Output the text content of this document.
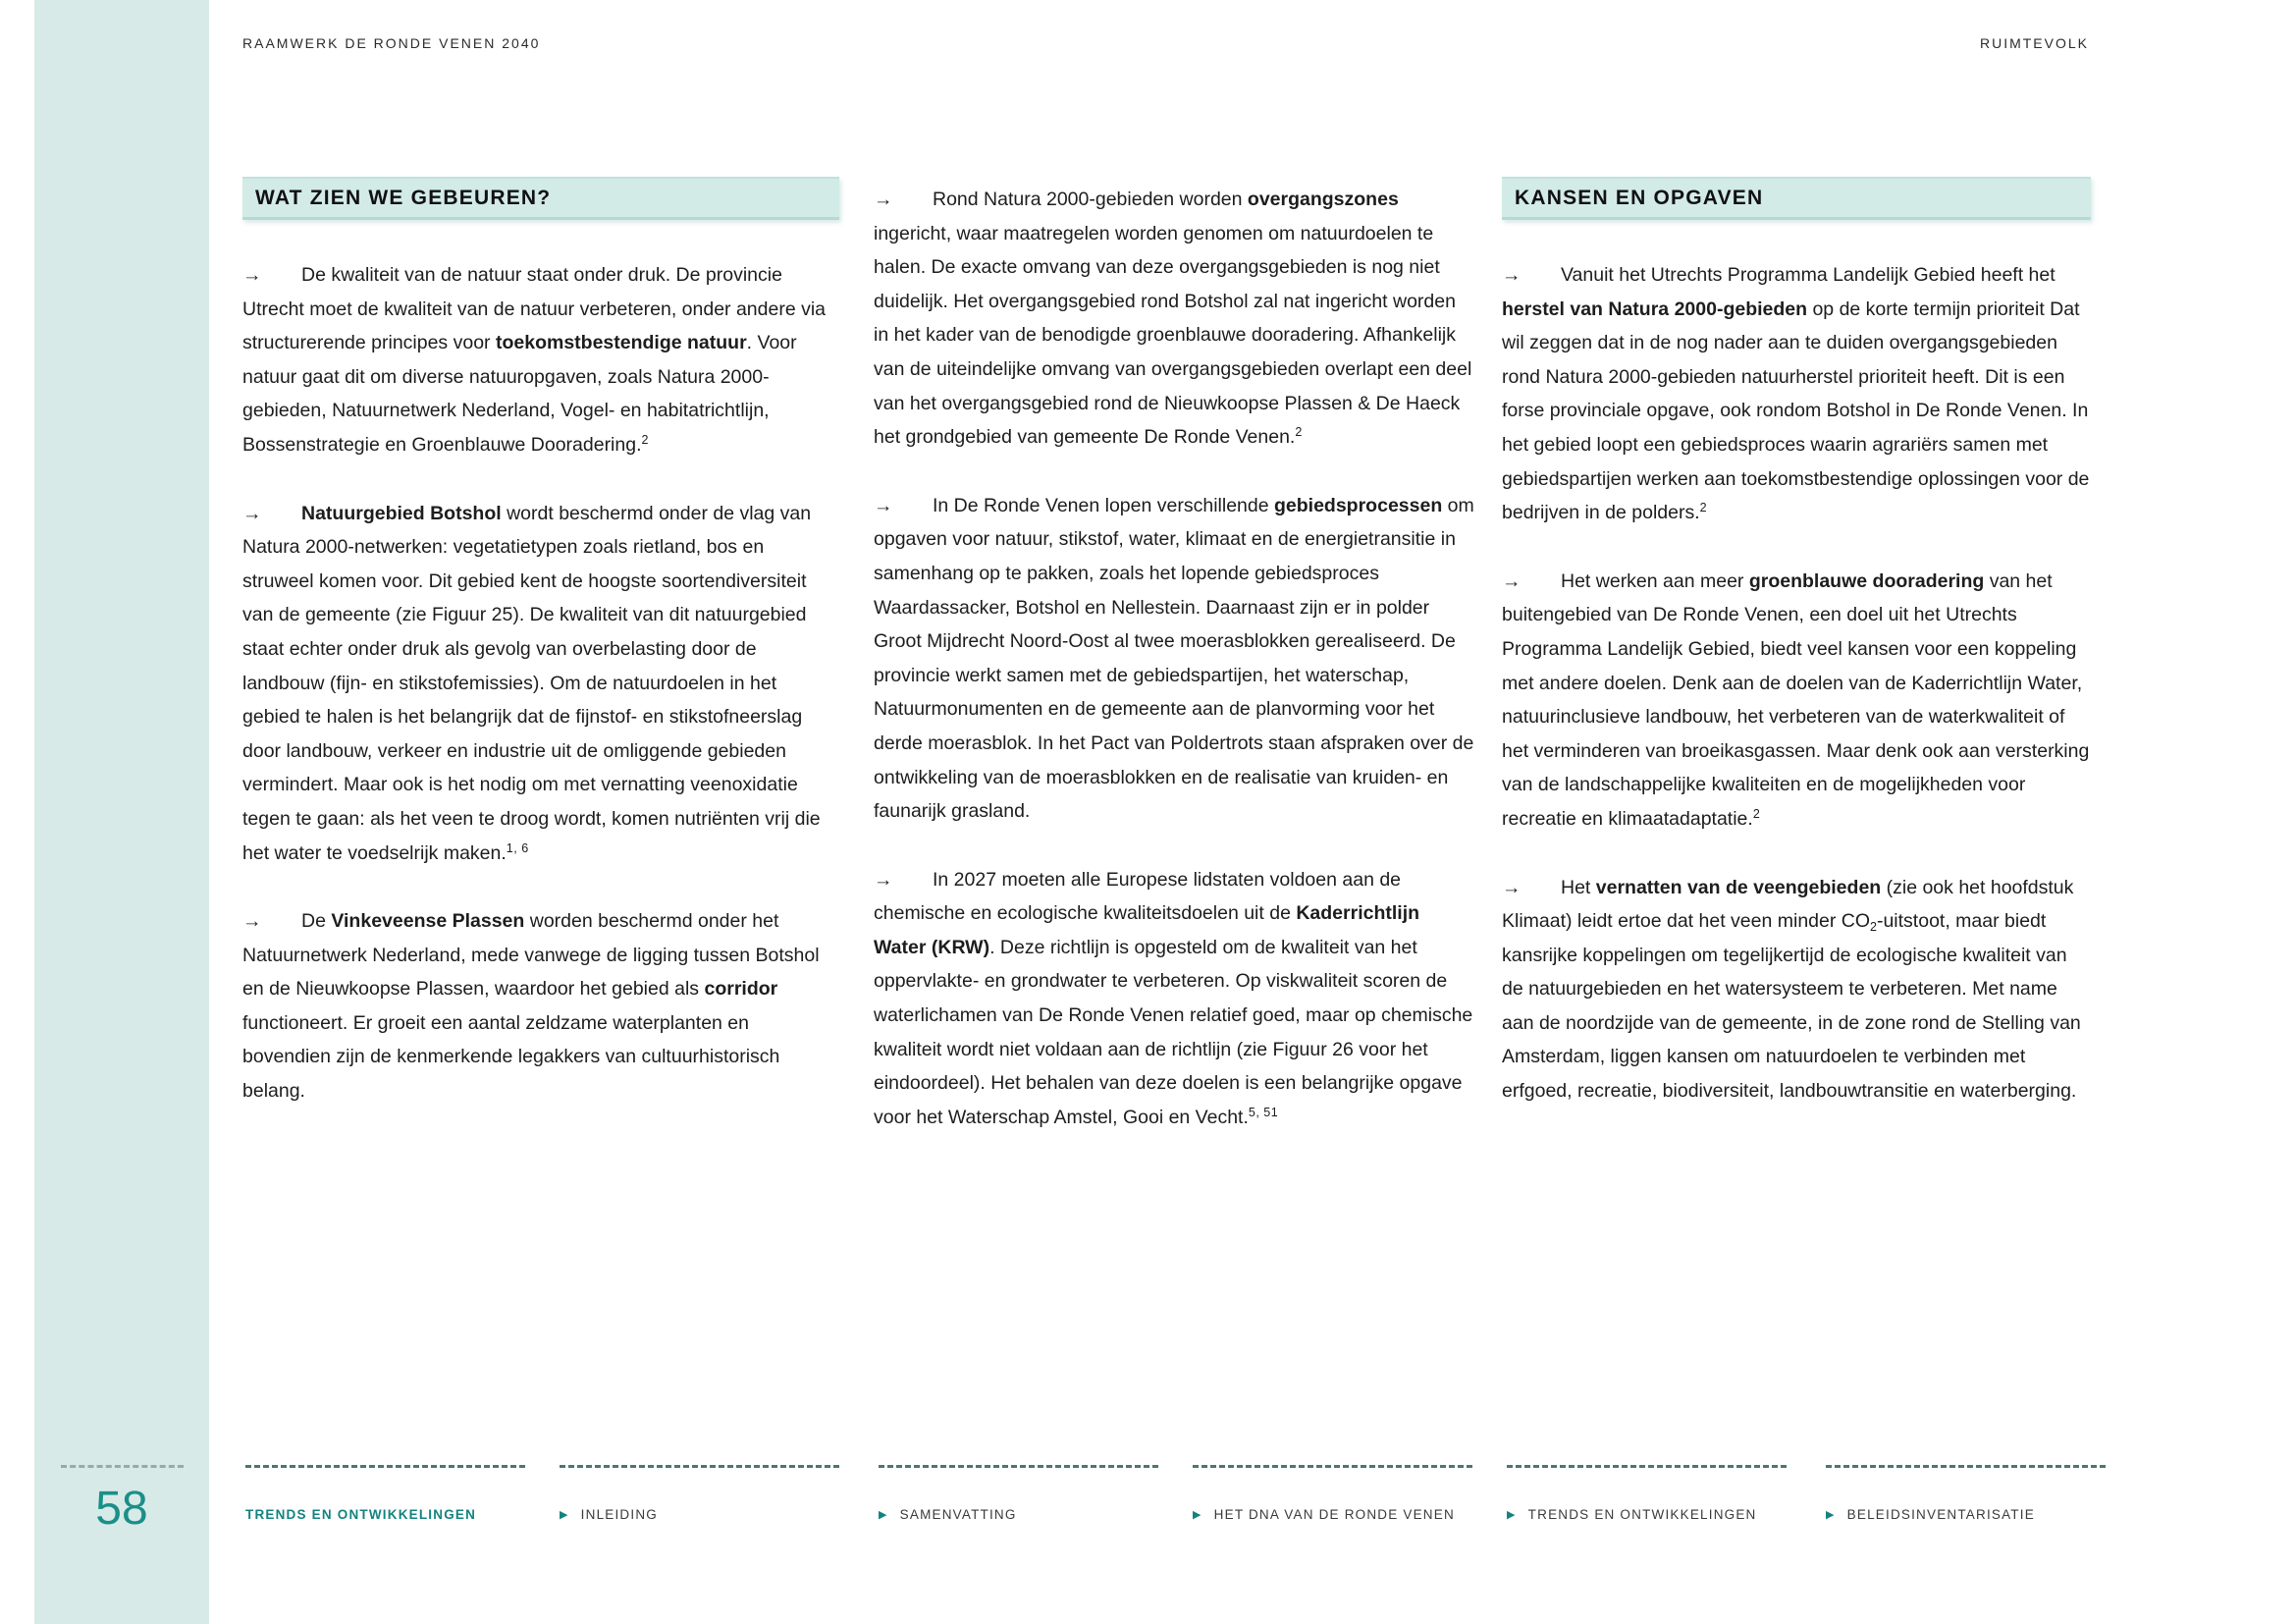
RAAMWERK DE RONDE VENEN 2040	RUIMTEVOLK
WAT ZIEN WE GEBEUREN?

→ De kwaliteit van de natuur staat onder druk. De provincie Utrecht moet de kwaliteit van de natuur verbeteren, onder andere via structurerende principes voor toekomstbestendige natuur. Voor natuur gaat dit om diverse natuuropgaven, zoals Natura 2000-gebieden, Natuurnetwerk Nederland, Vogel- en habitatrichtlijn, Bossenstrategie en Groenblauwe Dooradering.$^2$

→ Natuurgebied Botshol wordt beschermd onder de vlag van Natura 2000-netwerken: vegetatietypen zoals rietland, bos en struweel komen voor. Dit gebied kent de hoogste soortendiversiteit van de gemeente (zie Figuur 25). De kwaliteit van dit natuurgebied staat echter onder druk als gevolg van overbelasting door de landbouw (fijn- en stikstofemissies). Om de natuurdoelen in het gebied te halen is het belangrijk dat de fijnstof- en stikstofneerslag door landbouw, verkeer en industrie uit de omliggende gebieden vermindert. Maar ook is het nodig om met vernatting veenoxidatie tegen te gaan: als het veen te droog wordt, komen nutriënten vrij die het water te voedselrijk maken.$^{1, 6}$

→ De Vinkeveense Plassen worden beschermd onder het Natuurnetwerk Nederland, mede vanwege de ligging tussen Botshol en de Nieuwkoopse Plassen, waardoor het gebied als corridor functioneert. Er groeit een aantal zeldzame waterplanten en bovendien zijn de kenmerkende legakkers van cultuurhistorisch belang.

→ Rond Natura 2000-gebieden worden overgangszones ingericht, waar maatregelen worden genomen om natuurdoelen te halen. De exacte omvang van deze overgangsgebieden is nog niet duidelijk. Het overgangsgebied rond Botshol zal nat ingericht worden in het kader van de benodigde groenblauwe dooradering. Afhankelijk van de uiteindelijke omvang van overgangsgebieden overlapt een deel van het overgangsgebied rond de Nieuwkoopse Plassen & De Haeck het grondgebied van gemeente De Ronde Venen.$^2$

→ In De Ronde Venen lopen verschillende gebiedsprocessen om opgaven voor natuur, stikstof, water, klimaat en de energietransitie in samenhang op te pakken, zoals het lopende gebiedsproces Waardassacker, Botshol en Nellestein. Daarnaast zijn er in polder Groot Mijdrecht Noord-Oost al twee moerasblokken gerealiseerd. De provincie werkt samen met de gebiedspartijen, het waterschap, Natuurmonumenten en de gemeente aan de planvorming voor het derde moerasblok. In het Pact van Poldertrots staan afspraken over de ontwikkeling van de moerasblokken en de realisatie van kruiden- en faunarijk grasland.

→ In 2027 moeten alle Europese lidstaten voldoen aan de chemische en ecologische kwaliteitsdoelen uit de Kaderrichtlijn Water (KRW). Deze richtlijn is opgesteld om de kwaliteit van het oppervlakte- en grondwater te verbeteren. Op viskwaliteit scoren de waterlichamen van De Ronde Venen relatief goed, maar op chemische kwaliteit wordt niet voldaan aan de richtlijn (zie Figuur 26 voor het eindoordeel). Het behalen van deze doelen is een belangrijke opgave voor het Waterschap Amstel, Gooi en Vecht.$^{5, 51}$

KANSEN EN OPGAVEN

→ Vanuit het Utrechts Programma Landelijk Gebied heeft het herstel van Natura 2000-gebieden op de korte termijn prioriteit Dat wil zeggen dat in de nog nader aan te duiden overgangsgebieden rond Natura 2000-gebieden natuurherstel prioriteit heeft. Dit is een forse provinciale opgave, ook rondom Botshol in De Ronde Venen. In het gebied loopt een gebiedsproces waarin agrariërs samen met gebiedspartijen werken aan toekomstbestendige oplossingen voor de bedrijven in de polders.$^2$

→ Het werken aan meer groenblauwe dooradering van het buitengebied van De Ronde Venen, een doel uit het Utrechts Programma Landelijk Gebied, biedt veel kansen voor een koppeling met andere doelen. Denk aan de doelen van de Kaderrichtlijn Water, natuurinclusieve landbouw, het verbeteren van de waterkwaliteit of het verminderen van broeikasgassen. Maar denk ook aan versterking van de landschappelijke kwaliteiten en de mogelijkheden voor recreatie en klimaatadaptatie.$^2$

→ Het vernatten van de veengebieden (zie ook het hoofdstuk Klimaat) leidt ertoe dat het veen minder $CO_2$-uitstoot, maar biedt kansrijke koppelingen om tegelijkertijd de ecologische kwaliteit van de natuurgebieden en het watersysteem te verbeteren. Met name aan de noordzijde van de gemeente, in de zone rond de Stelling van Amsterdam, liggen kansen om natuurdoelen te verbinden met erfgoed, recreatie, biodiversiteit, landbouwtransitie en waterberging.

58	TRENDS EN ONTWIKKELINGEN	▶ INLEIDING	▶ SAMENVATTING	▶ HET DNA VAN DE RONDE VENEN	▶ TRENDS EN ONTWIKKELINGEN	▶ BELEIDSINVENTARISATIE
